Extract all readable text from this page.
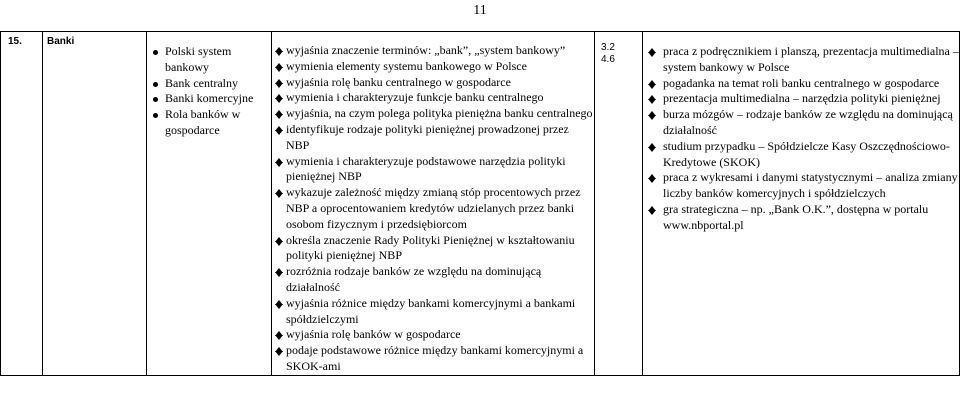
11
15.	Banki

Polski system bankowy
Bank centralny
Banki komercyjne
Rola banków w gospodarce

wyjaśnia znaczenie terminów: „bank”, „system bankowy”
wymienia elementy systemu bankowego w Polsce
wyjaśnia rolę banku centralnego w gospodarce
wymienia i charakteryzuje funkcje banku centralnego
wyjaśnia, na czym polega polityka pieniężna banku centralnego
identyfikuje rodzaje polityki pieniężnej prowadzonej przez NBP
wymienia i charakteryzuje podstawowe narzędzia polityki pieniężnej NBP
wykazuje zależność między zmianą stóp procentowych przez NBP a oprocentowaniem kredytów udzielanych przez banki osobom fizycznym i przedsiębiorcom
określa znaczenie Rady Polityki Pieniężnej w kształtowaniu polityki pieniężnej NBP
rozróżnia rodzaje banków ze względu na dominującą działalność
wyjaśnia różnice między bankami komercyjnymi a bankami spółdzielczymi
wyjaśnia rolę banków w gospodarce
podaje podstawowe różnice między bankami komercyjnymi a SKOK-ami

3.2
4.6

praca z podręcznikiem i planszą, prezentacja multimedialna – system bankowy w Polsce
pogadanka na temat roli banku centralnego w gospodarce
prezentacja multimedialna – narzędzia polityki pieniężnej
burza mózgów – rodzaje banków ze względu na dominującą działalność
studium przypadku – Spółdzielcze Kasy Oszczędnościowo-Kredytowe (SKOK)
praca z wykresami i danymi statystycznymi – analiza zmiany liczby banków komercyjnych i spółdzielczych
gra strategiczna – np. „Bank O.K.”, dostępna w portalu www.nbportal.pl
